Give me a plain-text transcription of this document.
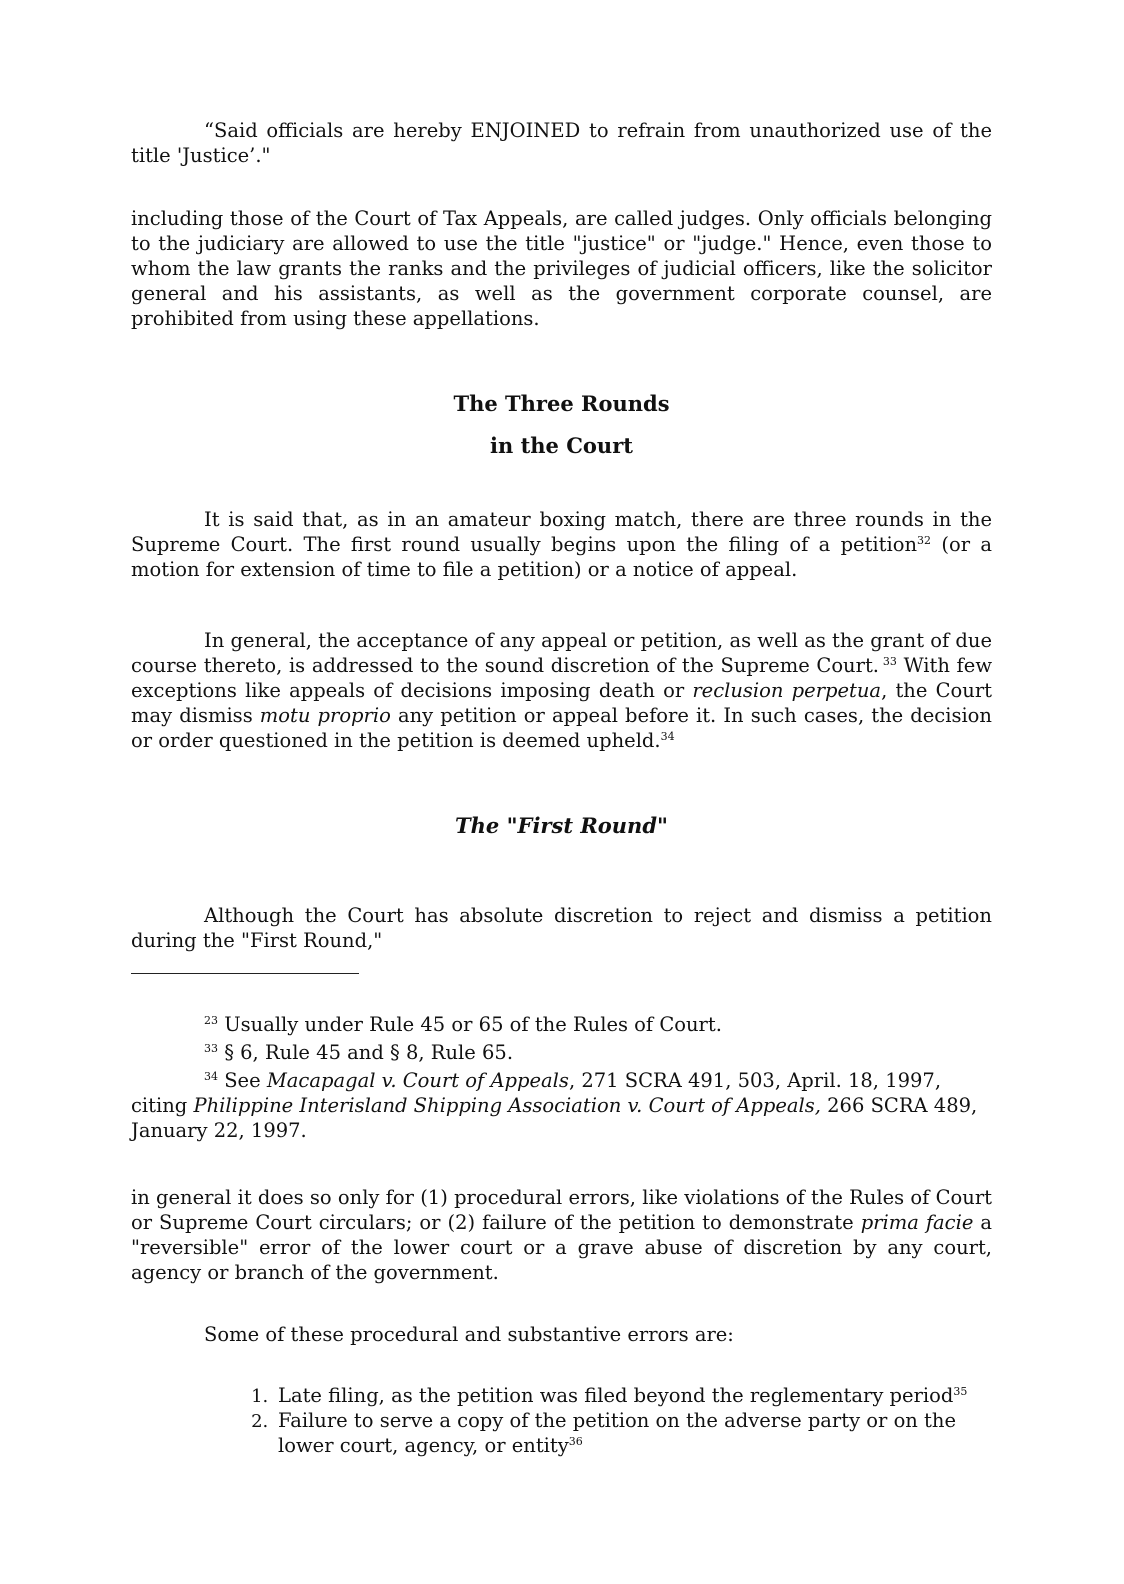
“Said officials are hereby ENJOINED to refrain from unauthorized use of the title 'Justice’."

including those of the Court of Tax Appeals, are called judges. Only officials belonging to the judiciary are allowed to use the title "justice" or "judge." Hence, even those to whom the law grants the ranks and the privileges of judicial officers, like the solicitor general and his assistants, as well as the government corporate counsel, are prohibited from using these appellations.

The Three Rounds
in the Court

It is said that, as in an amateur boxing match, there are three rounds in the Supreme Court. The first round usually begins upon the filing of a petition$^{32}$ (or a motion for extension of time to file a petition) or a notice of appeal.

In general, the acceptance of any appeal or petition, as well as the grant of due course thereto, is addressed to the sound discretion of the Supreme Court. $^{33}$ With few exceptions like appeals of decisions imposing death or reclusion perpetua, the Court may dismiss motu proprio any petition or appeal before it. In such cases, the decision or order questioned in the petition is deemed upheld.$^{34}$

The "First Round"

Although the Court has absolute discretion to reject and dismiss a petition during the "First Round,"

$^{23}$ Usually under Rule 45 or 65 of the Rules of Court.

$^{33}$ § 6, Rule 45 and § 8, Rule 65.

$^{34}$ See Macapagal v. Court of Appeals, 271 SCRA 491, 503, April. 18, 1997, citing Philippine Interisland Shipping Association v. Court of Appeals, 266 SCRA 489, January 22, 1997.

in general it does so only for (1) procedural errors, like violations of the Rules of Court or Supreme Court circulars; or (2) failure of the petition to demonstrate prima facie a "reversible" error of the lower court or a grave abuse of discretion by any court, agency or branch of the government.

Some of these procedural and substantive errors are:

1. Late filing, as the petition was filed beyond the reglementary period$^{35}$
2. Failure to serve a copy of the petition on the adverse party or on the lower court, agency, or entity$^{36}$
